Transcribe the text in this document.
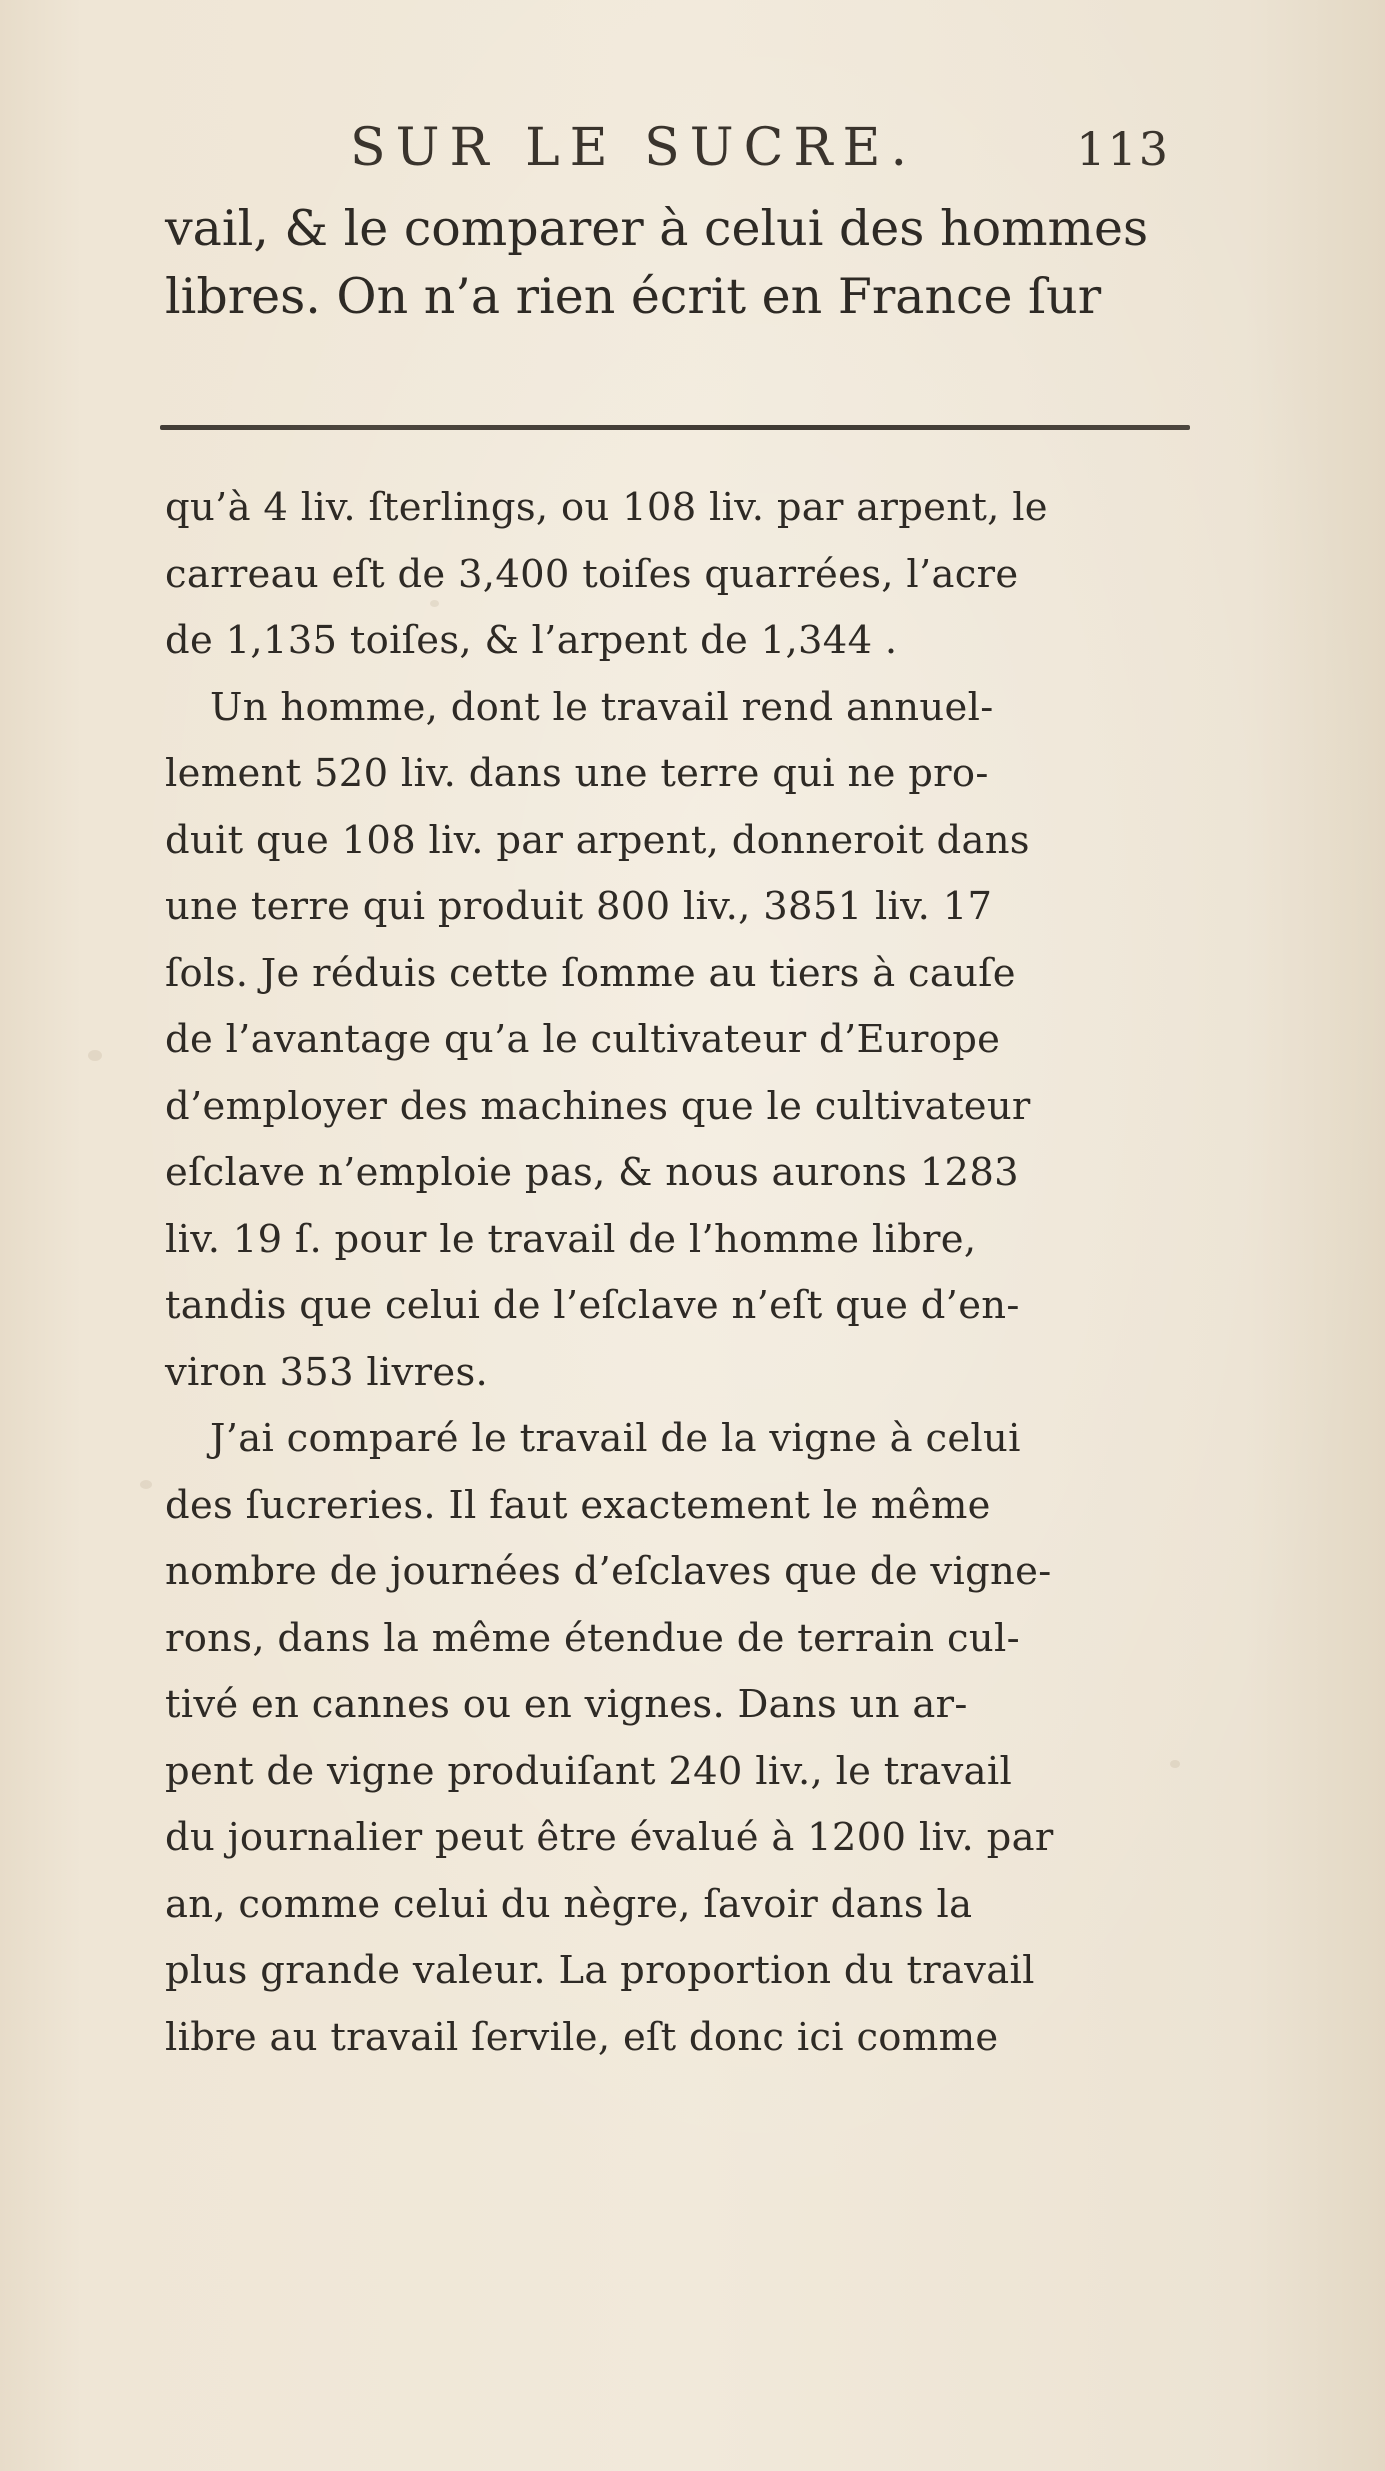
SUR LE SUCRE.	113
vail, & le comparer à celui des hommes
libres. On n’a rien écrit en France ſur
qu’à 4 liv. ſterlings, ou 108 liv. par arpent, le
carreau eſt de 3,400 toiſes quarrées, l’acre
de 1,135 toiſes, & l’arpent de 1,344 .
Un homme, dont le travail rend annuel-
lement 520 liv. dans une terre qui ne pro-
duit que 108 liv. par arpent, donneroit dans
une terre qui produit 800 liv., 3851 liv. 17
ſols. Je réduis cette ſomme au tiers à cauſe
de l’avantage qu’a le cultivateur d’Europe
d’employer des machines que le cultivateur
eſclave n’emploie pas, & nous aurons 1283
liv. 19 ſ. pour le travail de l’homme libre,
tandis que celui de l’eſclave n’eſt que d’en-
viron 353 livres.
J’ai comparé le travail de la vigne à celui
des ſucreries. Il faut exactement le même
nombre de journées d’eſclaves que de vigne-
rons, dans la même étendue de terrain cul-
tivé en cannes ou en vignes. Dans un ar-
pent de vigne produiſant 240 liv., le travail
du journalier peut être évalué à 1200 liv. par
an, comme celui du nègre, ſavoir dans la
plus grande valeur. La proportion du travail
libre au travail ſervile, eſt donc ici comme
